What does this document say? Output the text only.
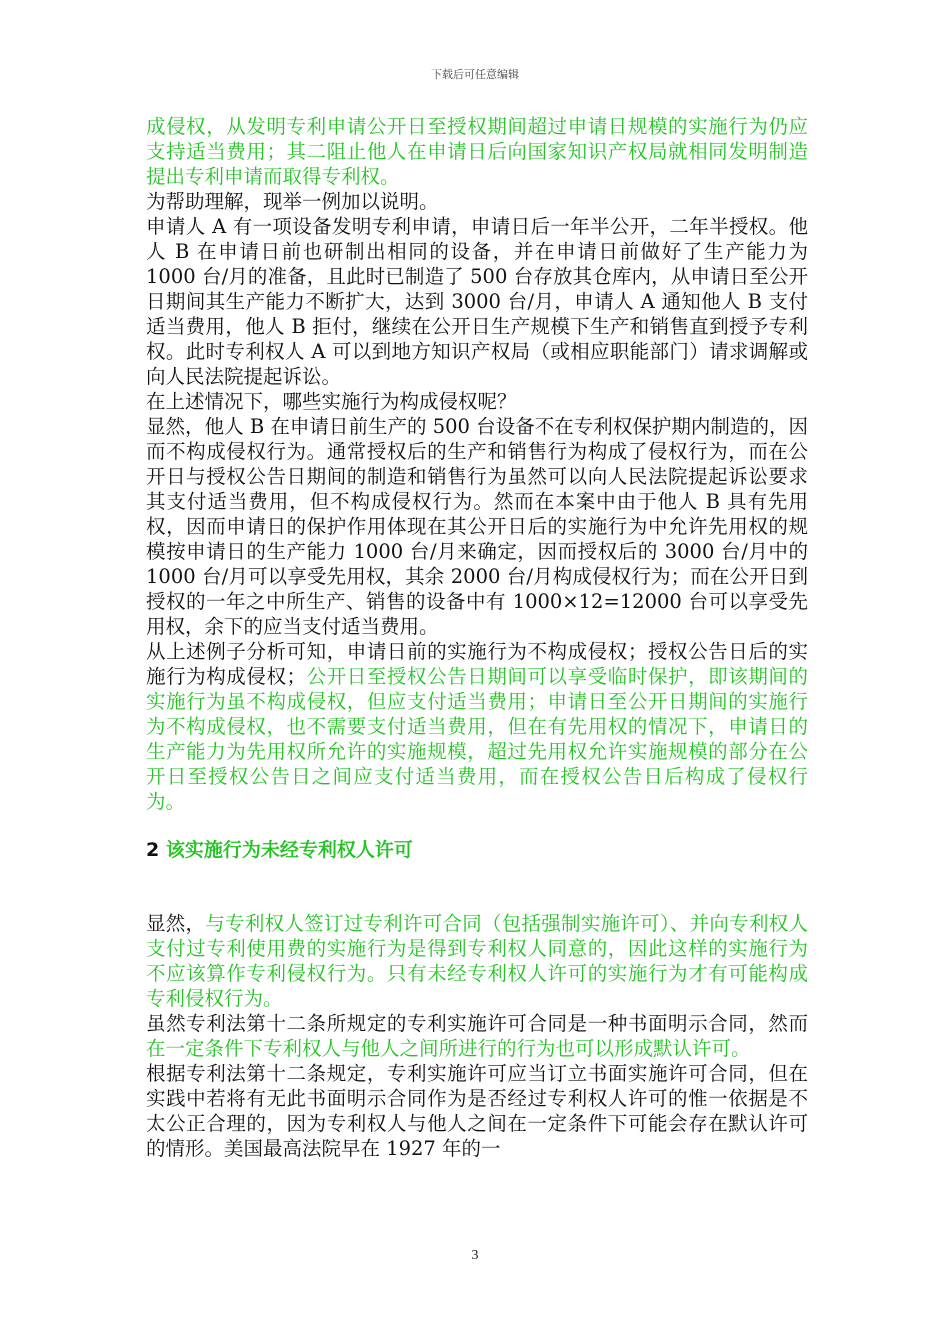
下载后可任意编辑

成侵权，从发明专利申请公开日至授权期间超过申请日规模的实施行为仍应支持适当费用；其二阻止他人在申请日后向国家知识产权局就相同发明制造提出专利申请而取得专利权。

为帮助理解，现举一例加以说明。

申请人 A 有一项设备发明专利申请，申请日后一年半公开，二年半授权。他人 B 在申请日前也研制出相同的设备，并在申请日前做好了生产能力为 1000 台/月的准备，且此时已制造了 500 台存放其仓库内，从申请日至公开日期间其生产能力不断扩大，达到 3000 台/月，申请人 A 通知他人 B 支付适当费用，他人 B 拒付，继续在公开日生产规模下生产和销售直到授予专利权。此时专利权人 A 可以到地方知识产权局（或相应职能部门）请求调解或向人民法院提起诉讼。

在上述情况下，哪些实施行为构成侵权呢？

显然，他人 B 在申请日前生产的 500 台设备不在专利权保护期内制造的，因而不构成侵权行为。通常授权后的生产和销售行为构成了侵权行为，而在公开日与授权公告日期间的制造和销售行为虽然可以向人民法院提起诉讼要求其支付适当费用，但不构成侵权行为。然而在本案中由于他人 B 具有先用权，因而申请日的保护作用体现在其公开日后的实施行为中允许先用权的规模按申请日的生产能力 1000 台/月来确定，因而授权后的 3000 台/月中的 1000 台/月可以享受先用权，其余 2000 台/月构成侵权行为；而在公开日到授权的一年之中所生产、销售的设备中有 1000×12=12000 台可以享受先用权，余下的应当支付适当费用。

从上述例子分析可知，申请日前的实施行为不构成侵权；授权公告日后的实施行为构成侵权；公开日至授权公告日期间可以享受临时保护，即该期间的实施行为虽不构成侵权，但应支付适当费用；申请日至公开日期间的实施行为不构成侵权，也不需要支付适当费用，但在有先用权的情况下，申请日的生产能力为先用权所允许的实施规模，超过先用权允许实施规模的部分在公开日至授权公告日之间应支付适当费用，而在授权公告日后构成了侵权行为。

2 该实施行为未经专利权人许可

显然，与专利权人签订过专利许可合同（包括强制实施许可）、并向专利权人支付过专利使用费的实施行为是得到专利权人同意的，因此这样的实施行为不应该算作专利侵权行为。只有未经专利权人许可的实施行为才有可能构成专利侵权行为。

虽然专利法第十二条所规定的专利实施许可合同是一种书面明示合同，然而在一定条件下专利权人与他人之间所进行的行为也可以形成默认许可。

根据专利法第十二条规定，专利实施许可应当订立书面实施许可合同，但在实践中若将有无此书面明示合同作为是否经过专利权人许可的惟一依据是不太公正合理的，因为专利权人与他人之间在一定条件下可能会存在默认许可的情形。美国最高法院早在 1927 年的一

3
